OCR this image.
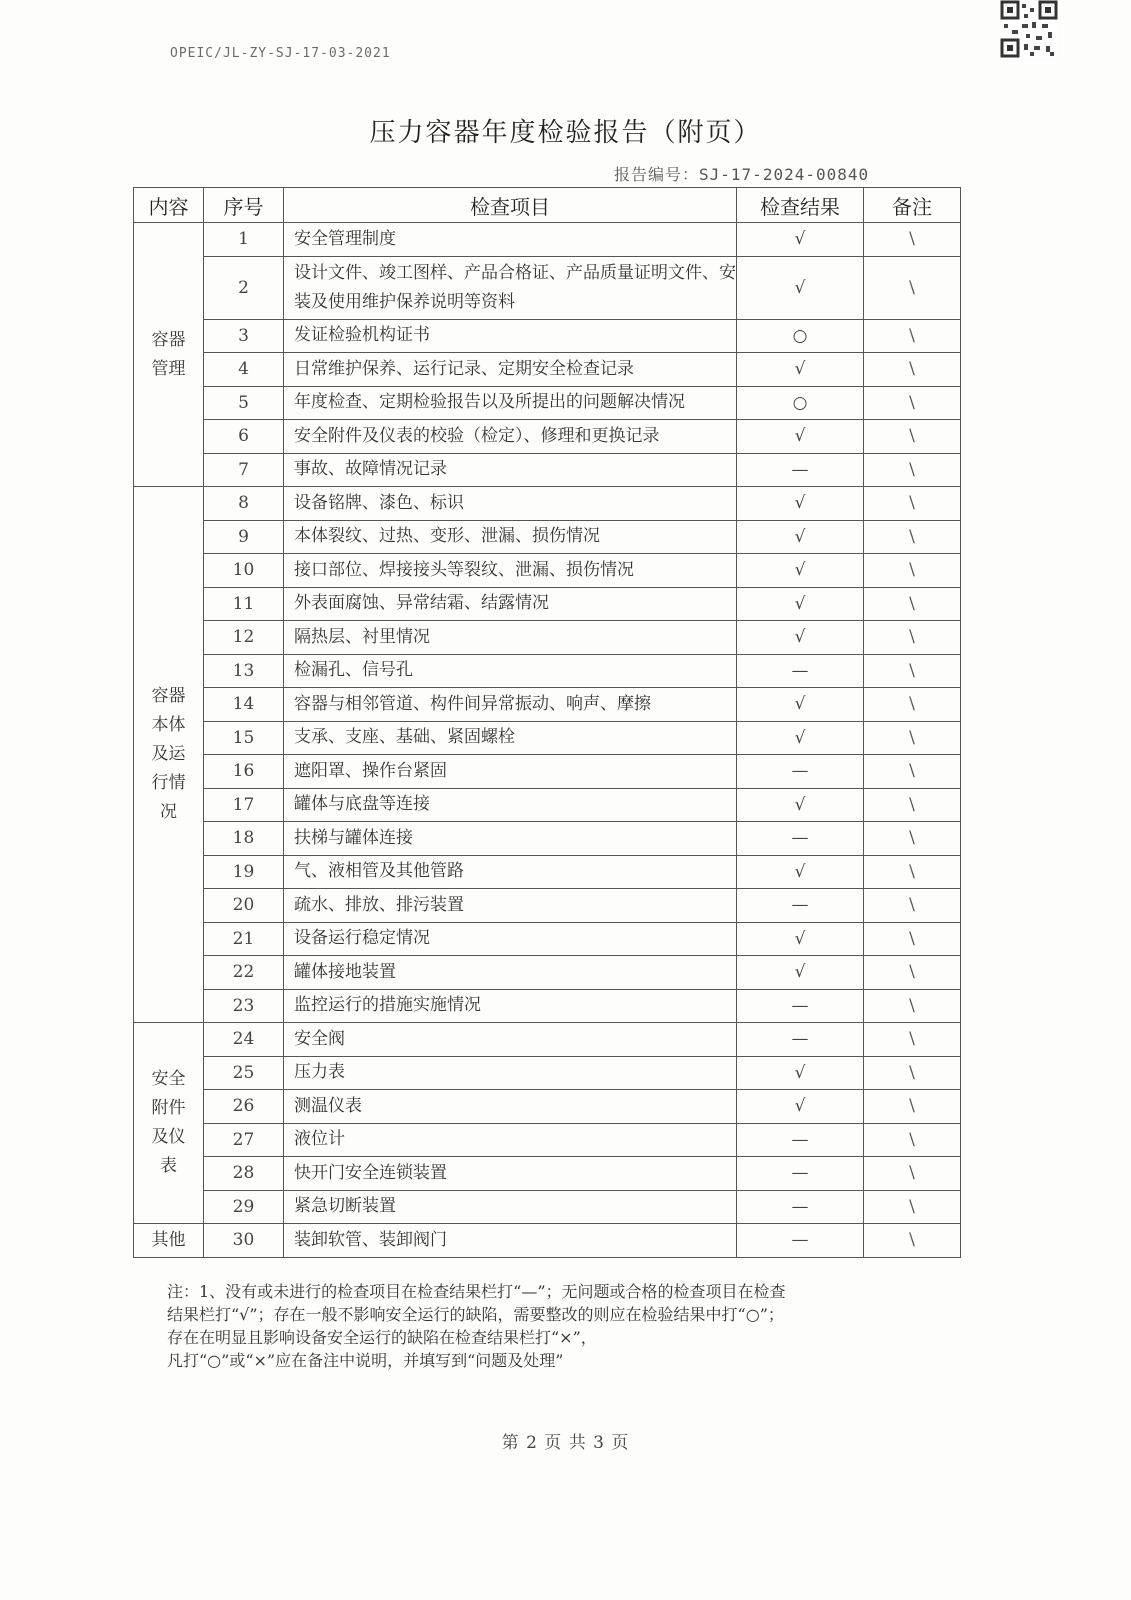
OPEIC/JL-ZY-SJ-17-03-2021
压力容器年度检验报告（附页）
报告编号：SJ-17-2024-00840
内容	序号	检查项目	检查结果	备注
容器
管理	1	安全管理制度	√	\
	2	设计文件、竣工图样、产品合格证、产品质量证明文件、安装及使用维护保养说明等资料	√	\
	3	发证检验机构证书	○	\
	4	日常维护保养、运行记录、定期安全检查记录	√	\
	5	年度检查、定期检验报告以及所提出的问题解决情况	○	\
	6	安全附件及仪表的校验（检定）、修理和更换记录	√	\
	7	事故、故障情况记录	—	\
容器
本体
及运
行情
况	8	设备铭牌、漆色、标识	√	\
	9	本体裂纹、过热、变形、泄漏、损伤情况	√	\
	10	接口部位、焊接接头等裂纹、泄漏、损伤情况	√	\
	11	外表面腐蚀、异常结霜、结露情况	√	\
	12	隔热层、衬里情况	√	\
	13	检漏孔、信号孔	—	\
	14	容器与相邻管道、构件间异常振动、响声、摩擦	√	\
	15	支承、支座、基础、紧固螺栓	√	\
	16	遮阳罩、操作台紧固	—	\
	17	罐体与底盘等连接	√	\
	18	扶梯与罐体连接	—	\
	19	气、液相管及其他管路	√	\
	20	疏水、排放、排污装置	—	\
	21	设备运行稳定情况	√	\
	22	罐体接地装置	√	\
	23	监控运行的措施实施情况	—	\
安全
附件
及仪
表	24	安全阀	—	\
	25	压力表	√	\
	26	测温仪表	√	\
	27	液位计	—	\
	28	快开门安全连锁装置	—	\
	29	紧急切断装置	—	\
其他	30	装卸软管、装卸阀门	—	\

注：1、没有或未进行的检查项目在检查结果栏打“—”；无问题或合格的检查项目在检查

结果栏打“√”；存在一般不影响安全运行的缺陷，需要整改的则应在检验结果中打“○”；

存在在明显且影响设备安全运行的缺陷在检查结果栏打“×”，

凡打“○”或“×”应在备注中说明，并填写到“问题及处理”

第 2 页 共 3 页
